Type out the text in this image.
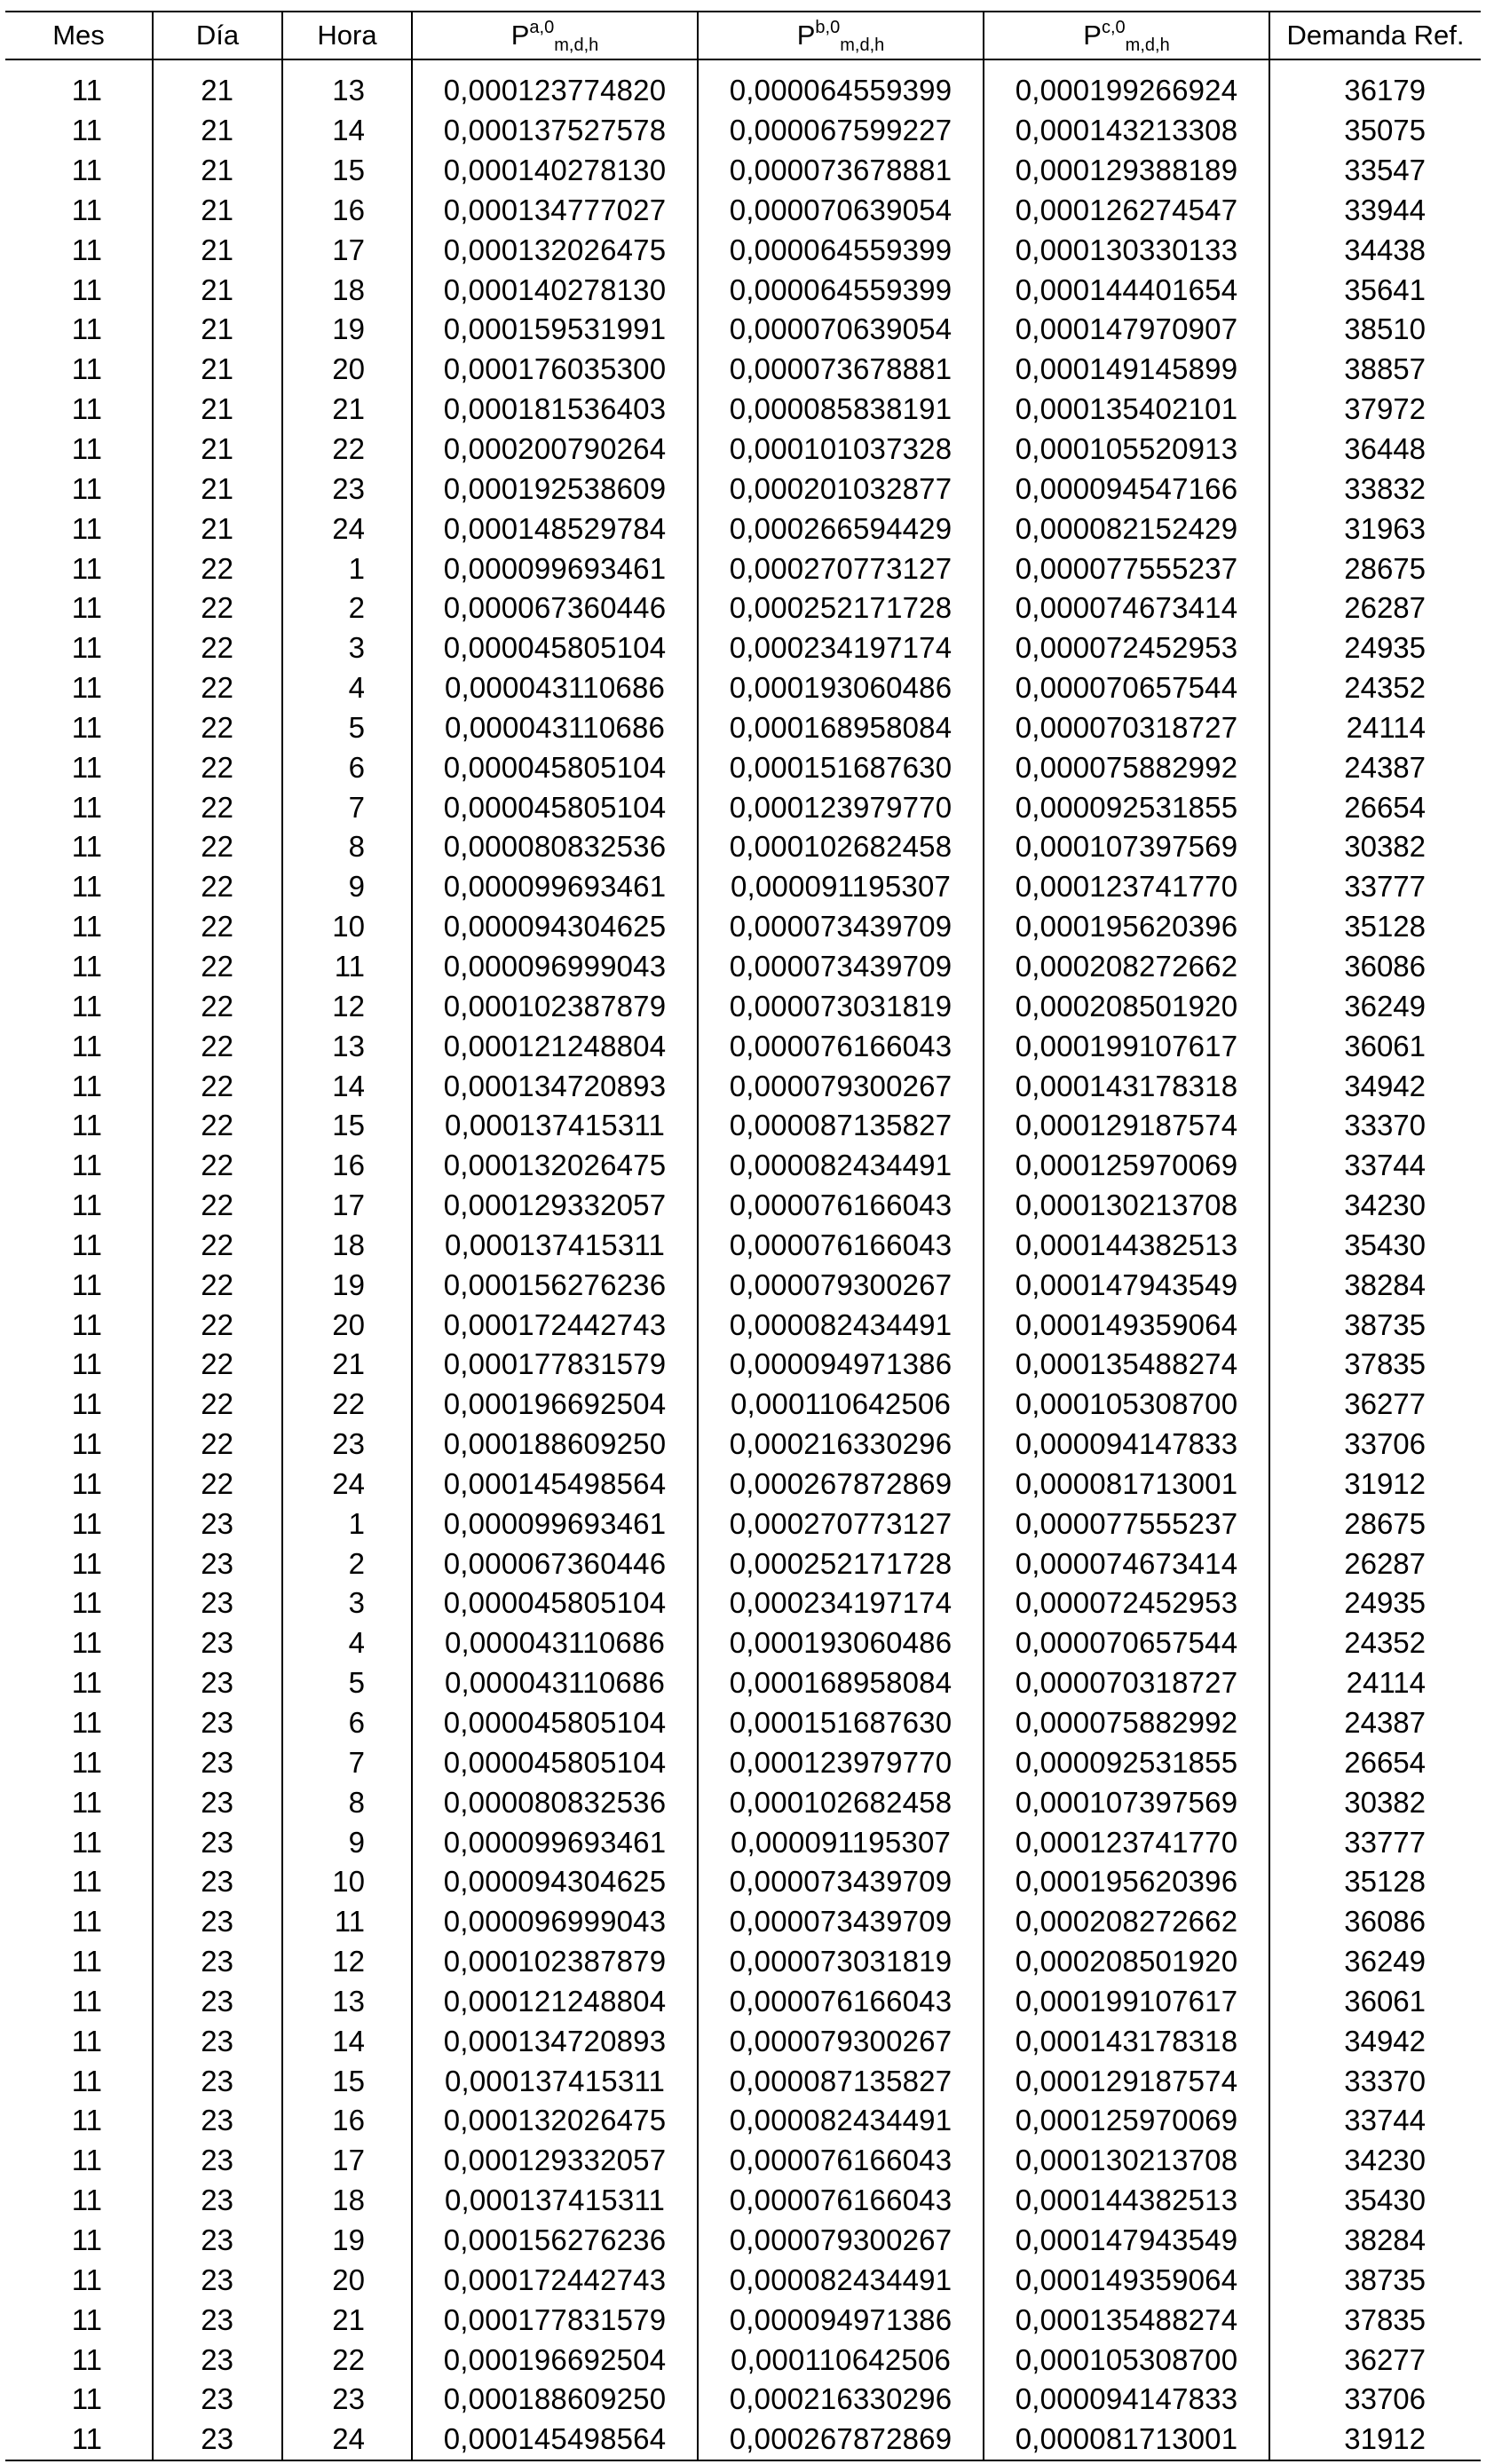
Mes	Día	Hora	P$^{a,0}_{m,d,h}$	P$^{b,0}_{m,d,h}$	P$^{c,0}_{m,d,h}$	Demanda Ref.
11	21	13	0,000123774820	0,000064559399	0,000199266924	36179
11	21	14	0,000137527578	0,000067599227	0,000143213308	35075
11	21	15	0,000140278130	0,000073678881	0,000129388189	33547
11	21	16	0,000134777027	0,000070639054	0,000126274547	33944
11	21	17	0,000132026475	0,000064559399	0,000130330133	34438
11	21	18	0,000140278130	0,000064559399	0,000144401654	35641
11	21	19	0,000159531991	0,000070639054	0,000147970907	38510
11	21	20	0,000176035300	0,000073678881	0,000149145899	38857
11	21	21	0,000181536403	0,000085838191	0,000135402101	37972
11	21	22	0,000200790264	0,000101037328	0,000105520913	36448
11	21	23	0,000192538609	0,000201032877	0,000094547166	33832
11	21	24	0,000148529784	0,000266594429	0,000082152429	31963
11	22	1	0,000099693461	0,000270773127	0,000077555237	28675
11	22	2	0,000067360446	0,000252171728	0,000074673414	26287
11	22	3	0,000045805104	0,000234197174	0,000072452953	24935
11	22	4	0,000043110686	0,000193060486	0,000070657544	24352
11	22	5	0,000043110686	0,000168958084	0,000070318727	24114
11	22	6	0,000045805104	0,000151687630	0,000075882992	24387
11	22	7	0,000045805104	0,000123979770	0,000092531855	26654
11	22	8	0,000080832536	0,000102682458	0,000107397569	30382
11	22	9	0,000099693461	0,000091195307	0,000123741770	33777
11	22	10	0,000094304625	0,000073439709	0,000195620396	35128
11	22	11	0,000096999043	0,000073439709	0,000208272662	36086
11	22	12	0,000102387879	0,000073031819	0,000208501920	36249
11	22	13	0,000121248804	0,000076166043	0,000199107617	36061
11	22	14	0,000134720893	0,000079300267	0,000143178318	34942
11	22	15	0,000137415311	0,000087135827	0,000129187574	33370
11	22	16	0,000132026475	0,000082434491	0,000125970069	33744
11	22	17	0,000129332057	0,000076166043	0,000130213708	34230
11	22	18	0,000137415311	0,000076166043	0,000144382513	35430
11	22	19	0,000156276236	0,000079300267	0,000147943549	38284
11	22	20	0,000172442743	0,000082434491	0,000149359064	38735
11	22	21	0,000177831579	0,000094971386	0,000135488274	37835
11	22	22	0,000196692504	0,000110642506	0,000105308700	36277
11	22	23	0,000188609250	0,000216330296	0,000094147833	33706
11	22	24	0,000145498564	0,000267872869	0,000081713001	31912
11	23	1	0,000099693461	0,000270773127	0,000077555237	28675
11	23	2	0,000067360446	0,000252171728	0,000074673414	26287
11	23	3	0,000045805104	0,000234197174	0,000072452953	24935
11	23	4	0,000043110686	0,000193060486	0,000070657544	24352
11	23	5	0,000043110686	0,000168958084	0,000070318727	24114
11	23	6	0,000045805104	0,000151687630	0,000075882992	24387
11	23	7	0,000045805104	0,000123979770	0,000092531855	26654
11	23	8	0,000080832536	0,000102682458	0,000107397569	30382
11	23	9	0,000099693461	0,000091195307	0,000123741770	33777
11	23	10	0,000094304625	0,000073439709	0,000195620396	35128
11	23	11	0,000096999043	0,000073439709	0,000208272662	36086
11	23	12	0,000102387879	0,000073031819	0,000208501920	36249
11	23	13	0,000121248804	0,000076166043	0,000199107617	36061
11	23	14	0,000134720893	0,000079300267	0,000143178318	34942
11	23	15	0,000137415311	0,000087135827	0,000129187574	33370
11	23	16	0,000132026475	0,000082434491	0,000125970069	33744
11	23	17	0,000129332057	0,000076166043	0,000130213708	34230
11	23	18	0,000137415311	0,000076166043	0,000144382513	35430
11	23	19	0,000156276236	0,000079300267	0,000147943549	38284
11	23	20	0,000172442743	0,000082434491	0,000149359064	38735
11	23	21	0,000177831579	0,000094971386	0,000135488274	37835
11	23	22	0,000196692504	0,000110642506	0,000105308700	36277
11	23	23	0,000188609250	0,000216330296	0,000094147833	33706
11	23	24	0,000145498564	0,000267872869	0,000081713001	31912
